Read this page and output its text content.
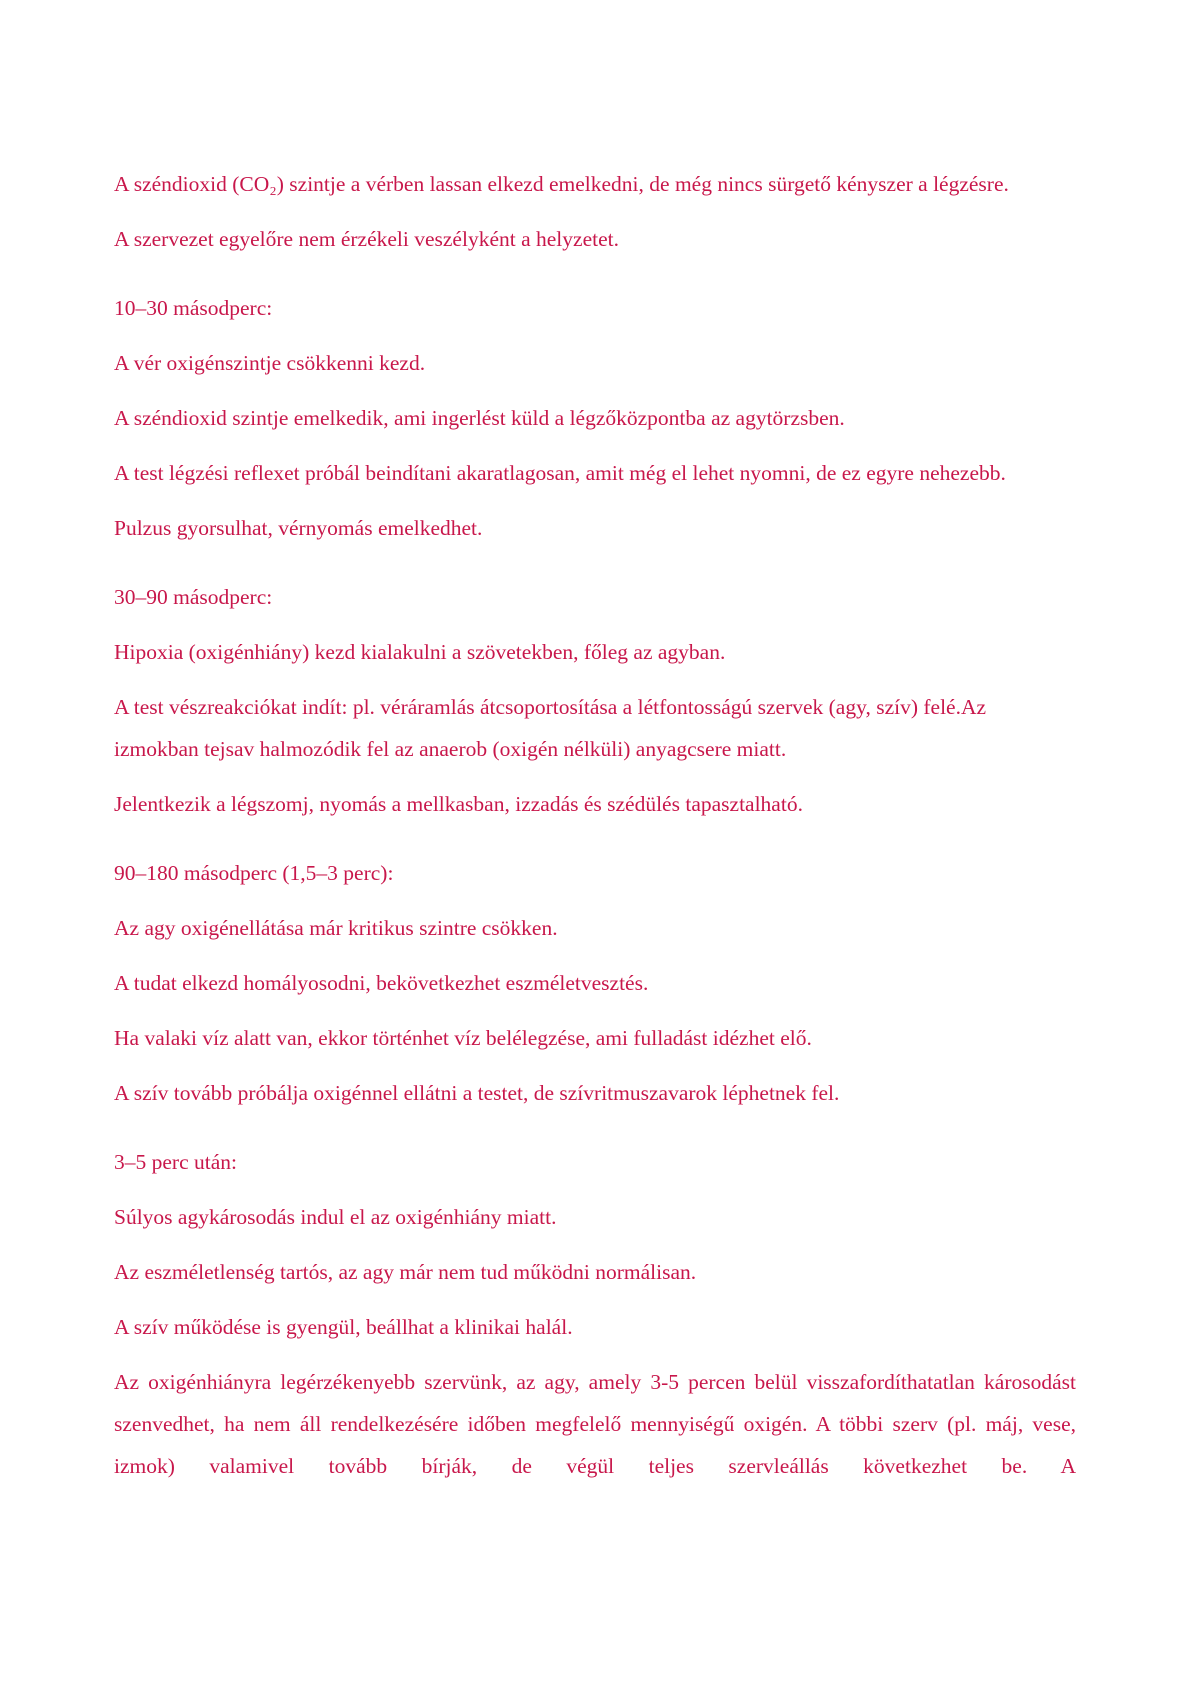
A széndioxid (CO₂) szintje a vérben lassan elkezd emelkedni, de még nincs sürgető kényszer a légzésre.

A szervezet egyelőre nem érzékeli veszélyként a helyzetet.

10–30 másodperc:

A vér oxigénszintje csökkenni kezd.

A széndioxid szintje emelkedik, ami ingerlést küld a légzőközpontba az agytörzsben.

A test légzési reflexet próbál beindítani akaratlagosan, amit még el lehet nyomni, de ez egyre nehezebb.

Pulzus gyorsulhat, vérnyomás emelkedhet.

30–90 másodperc:

Hipoxia (oxigénhiány) kezd kialakulni a szövetekben, főleg az agyban.

A test vészreakciókat indít: pl. véráramlás átcsoportosítása a létfontosságú szervek (agy, szív) felé.Az izmokban tejsav halmozódik fel az anaerob (oxigén nélküli) anyagcsere miatt.

Jelentkezik a légszomj, nyomás a mellkasban, izzadás és szédülés tapasztalható.

90–180 másodperc (1,5–3 perc):

Az agy oxigénellátása már kritikus szintre csökken.

A tudat elkezd homályosodni, bekövetkezhet eszméletvesztés.

Ha valaki víz alatt van, ekkor történhet víz belélegzése, ami fulladást idézhet elő.

A szív tovább próbálja oxigénnel ellátni a testet, de szívritmuszavarok léphetnek fel.

3–5 perc után:

Súlyos agykárosodás indul el az oxigénhiány miatt.

Az eszméletlenség tartós, az agy már nem tud működni normálisan.

A szív működése is gyengül, beállhat a klinikai halál.

Az oxigénhiányra legérzékenyebb szervünk, az agy, amely 3-5 percen belül visszafordíthatatlan károsodást szenvedhet, ha nem áll rendelkezésére időben megfelelő mennyiségű oxigén. A többi szerv (pl. máj, vese, izmok) valamivel tovább bírják, de végül teljes szervleállás következhet be. A
